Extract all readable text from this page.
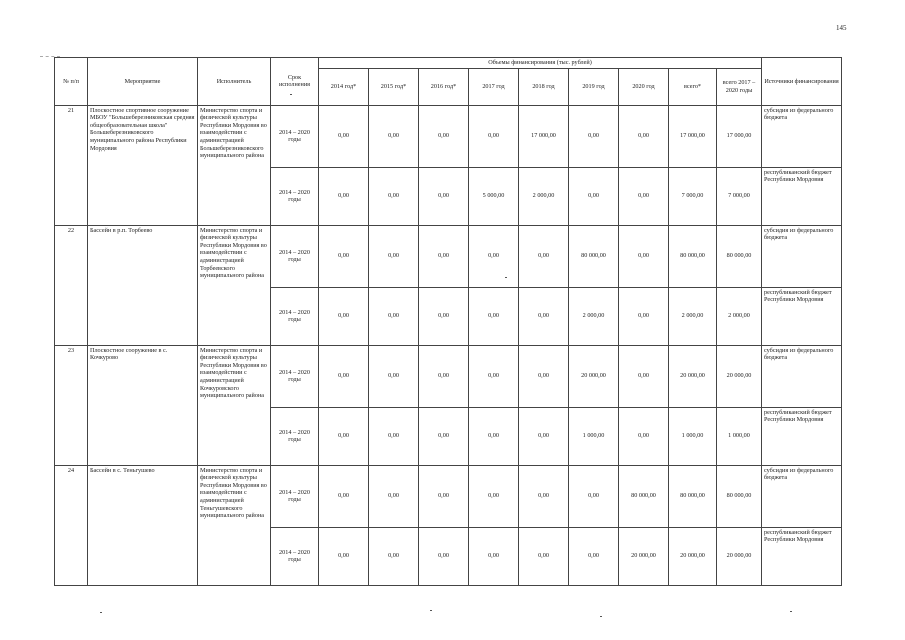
145
№ п/п	Мероприятие	Исполнитель	Срок исполнения	Объемы финансирования (тыс. рублей)									Источники финансирования
				2014 год*	2015 год*	2016 год*	2017 год	2018 год	2019 год	2020 год	всего*	всего 2017 – 2020 годы	
21	Плоскостное спортивное сооружение МБОУ "Большеберезниковская средняя общеобразовательная школа" Большеберезниковского муниципального района Республики Мордовия	Министерство спорта и физической культуры Республики Мордовия во взаимодействии с администрацией Большеберезниковского муниципального района	2014 – 2020 годы	0,00	0,00	0,00	0,00	17 000,00	0,00	0,00	17 000,00	17 000,00	субсидия из федерального бюджета
			2014 – 2020 годы	0,00	0,00	0,00	5 000,00	2 000,00	0,00	0,00	7 000,00	7 000,00	республиканский бюджет Республики Мордовия
22	Бассейн в р.п. Торбеево	Министерство спорта и физической культуры Республики Мордовия во взаимодействии с администрацией Торбеевского муниципального района	2014 – 2020 годы	0,00	0,00	0,00	0,00	0,00	80 000,00	0,00	80 000,00	80 000,00	субсидия из федерального бюджета
			2014 – 2020 годы	0,00	0,00	0,00	0,00	0,00	2 000,00	0,00	2 000,00	2 000,00	республиканский бюджет Республики Мордовия
23	Плоскостное сооружение в с. Кочкурово	Министерство спорта и физической культуры Республики Мордовия во взаимодействии с администрацией Кочкуровского муниципального района	2014 – 2020 годы	0,00	0,00	0,00	0,00	0,00	20 000,00	0,00	20 000,00	20 000,00	субсидия из федерального бюджета
			2014 – 2020 годы	0,00	0,00	0,00	0,00	0,00	1 000,00	0,00	1 000,00	1 000,00	республиканский бюджет Республики Мордовия
24	Бассейн в с. Теньгушево	Министерство спорта и физической культуры Республики Мордовия во взаимодействии с администрацией Теньгушевского муниципального района	2014 – 2020 годы	0,00	0,00	0,00	0,00	0,00	0,00	80 000,00	80 000,00	80 000,00	субсидия из федерального бюджета
			2014 – 2020 годы	0,00	0,00	0,00	0,00	0,00	0,00	20 000,00	20 000,00	20 000,00	республиканский бюджет Республики Мордовия
